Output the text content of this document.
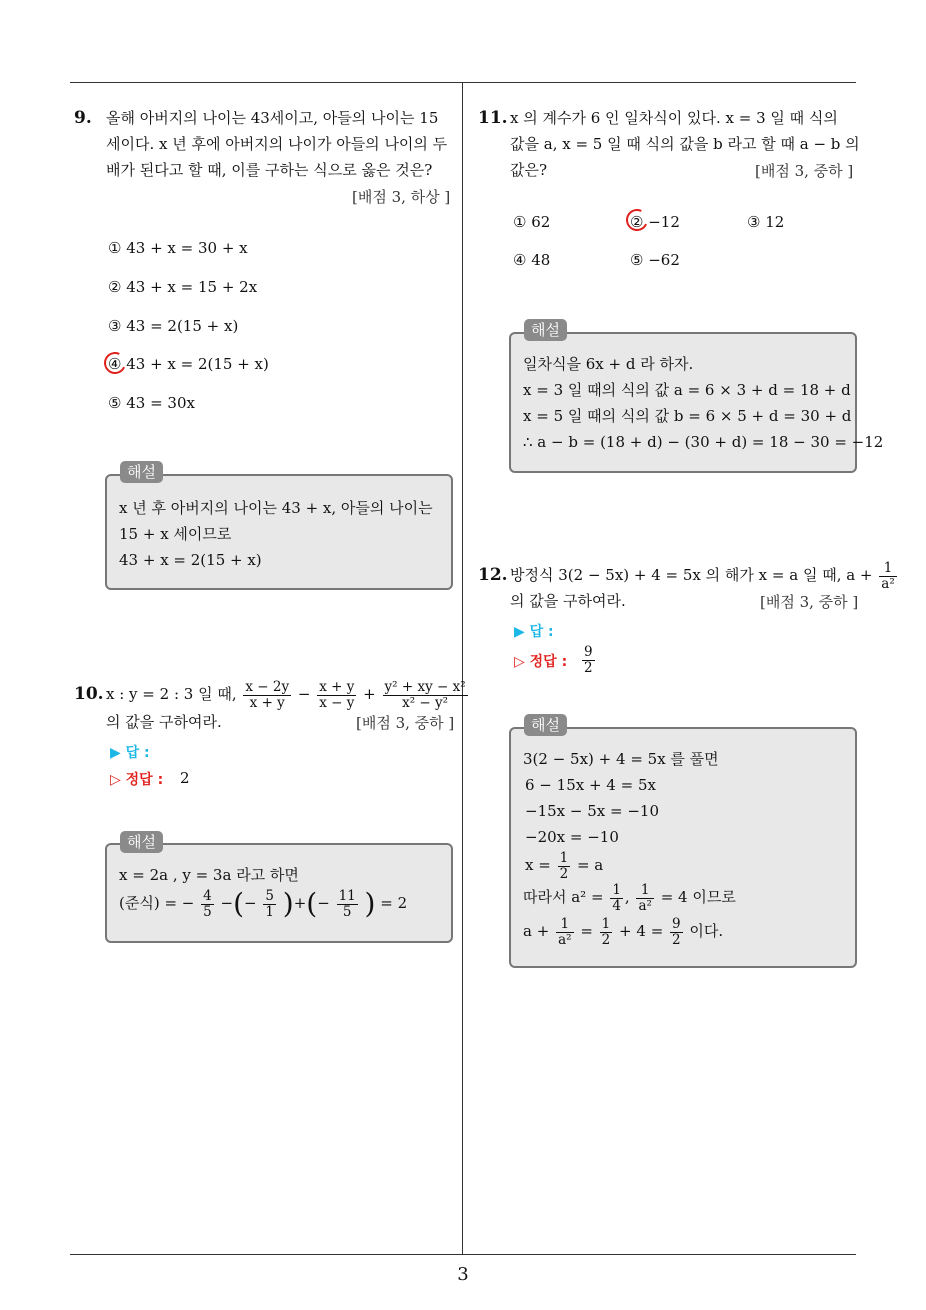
3
9. 올해 아버지의 나이는 43세이고, 아들의 나이는 15
세이다. x 년 후에 아버지의 나이가 아들의 나이의 두
배가 된다고 할 때, 이를 구하는 식으로 옳은 것은?
[배점 3, 하상 ]
① 43 + x = 30 + x
② 43 + x = 15 + 2x
③ 43 = 2(15 + x)
④ 43 + x = 2(15 + x)
⑤ 43 = 30x
x 년 후 아버지의 나이는 43 + x, 아들의 나이는
15 + x 세이므로
43 + x = 2(15 + x)
해설
10. x : y = 2 : 3 일 때, $\frac{x - 2y}{x + y} - \frac{x + y}{x - y} + \frac{\text{y² + xy − x²}}{\text{x² − y²}}$
의 값을 구하여라.	[배점 3, 중하 ]
▶ 답 :
▷ 정답 : 2
x = 2a , y = 3a 라고 하면
(준식) = − $\frac{4}{5}$ −(− $\frac{5}{1}$ )+(− $\frac{11}{5}$ ) = 2
해설
11. x 의 계수가 6 인 일차식이 있다. x = 3 일 때 식의
값을 a, x = 5 일 때 식의 값을 b 라고 할 때 a − b 의
값은?	[배점 3, 중하 ]
① 62	② −12	③ 12
④ 48	⑤ −62
일차식을 6x + d 라 하자.
x = 3 일 때의 식의 값 a = 6 × 3 + d = 18 + d
x = 5 일 때의 식의 값 b = 6 × 5 + d = 30 + d
∴ a − b = (18 + d) − (30 + d) = 18 − 30 = −12
해설
12. 방정식 3(2 − 5x) + 4 = 5x 의 해가 x = a 일 때, $a + \frac{1}{\text{a²}}$
의 값을 구하여라.	[배점 3, 중하 ]
▶ 답 :
▷ 정답 : $\frac{9}{2}$
3(2 − 5x) + 4 = 5x 를 풀면
6 − 15x + 4 = 5x
−15x − 5x = −10
−20x = −10
$x = \frac{1}{2} = a$
따라서 $a^2 = \frac{1}{4}$ , $\frac{1}{\text{a²}} = 4$ 이므로
$a + \frac{1}{\text{a²}} = \frac{1}{2} + 4 = \frac{9}{2}$ 이다.
해설
